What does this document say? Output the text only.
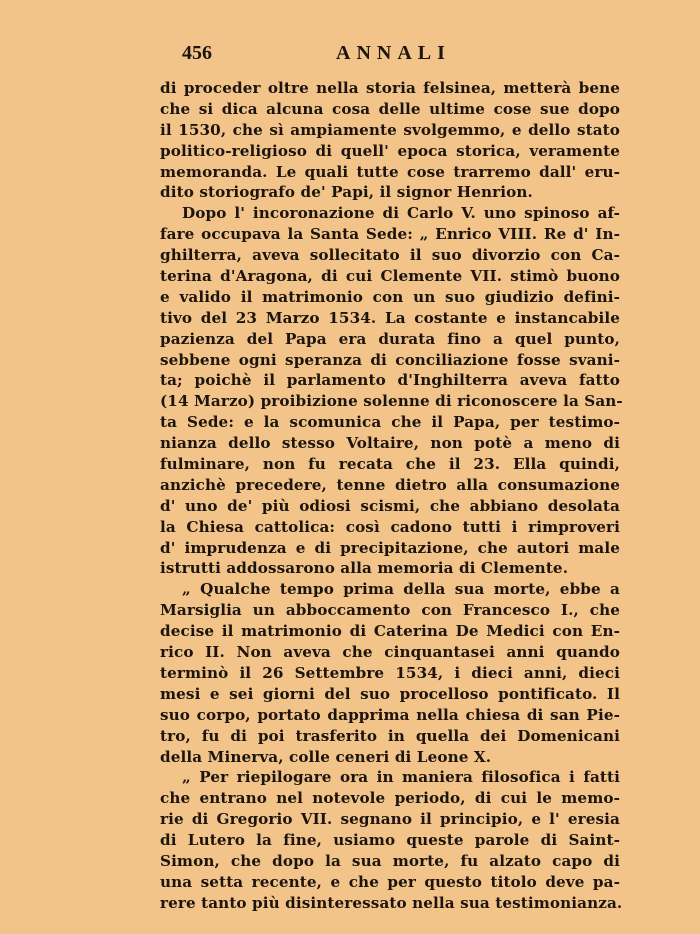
456	ANNALI
di proceder oltre nella storia felsinea, metterà bene
che si dica alcuna cosa delle ultime cose sue dopo
il 1530, che sì ampiamente svolgemmo, e dello stato
politico-religioso di quell' epoca storica, veramente
memoranda. Le quali tutte cose trarremo dall' eru-
dito storiografo de' Papi, il signor Henrion.
Dopo l' incoronazione di Carlo V. uno spinoso af-
fare occupava la Santa Sede: „ Enrico VIII. Re d' In-
ghilterra, aveva sollecitato il suo divorzio con Ca-
terina d'Aragona, di cui Clemente VII. stimò buono
e valido il matrimonio con un suo giudizio defini-
tivo del 23 Marzo 1534. La costante e instancabile
pazienza del Papa era durata fino a quel punto,
sebbene ogni speranza di conciliazione fosse svani-
ta; poichè il parlamento d'Inghilterra aveva fatto
(14 Marzo) proibizione solenne di riconoscere la San-
ta Sede: e la scomunica che il Papa, per testimo-
nianza dello stesso Voltaire, non potè a meno di
fulminare, non fu recata che il 23. Ella quindi,
anzichè precedere, tenne dietro alla consumazione
d' uno de' più odiosi scismi, che abbiano desolata
la Chiesa cattolica: così cadono tutti i rimproveri
d' imprudenza e di precipitazione, che autori male
istrutti addossarono alla memoria di Clemente.
„ Qualche tempo prima della sua morte, ebbe a
Marsiglia un abboccamento con Francesco I., che
decise il matrimonio di Caterina De Medici con En-
rico II. Non aveva che cinquantasei anni quando
terminò il 26 Settembre 1534, i dieci anni, dieci
mesi e sei giorni del suo procelloso pontificato. Il
suo corpo, portato dapprima nella chiesa di san Pie-
tro, fu di poi trasferito in quella dei Domenicani
della Minerva, colle ceneri di Leone X.
„ Per riepilogare ora in maniera filosofica i fatti
che entrano nel notevole periodo, di cui le memo-
rie di Gregorio VII. segnano il principio, e l' eresia
di Lutero la fine, usiamo queste parole di Saint-
Simon, che dopo la sua morte, fu alzato capo di
una setta recente, e che per questo titolo deve pa-
rere tanto più disinteressato nella sua testimonianza.
